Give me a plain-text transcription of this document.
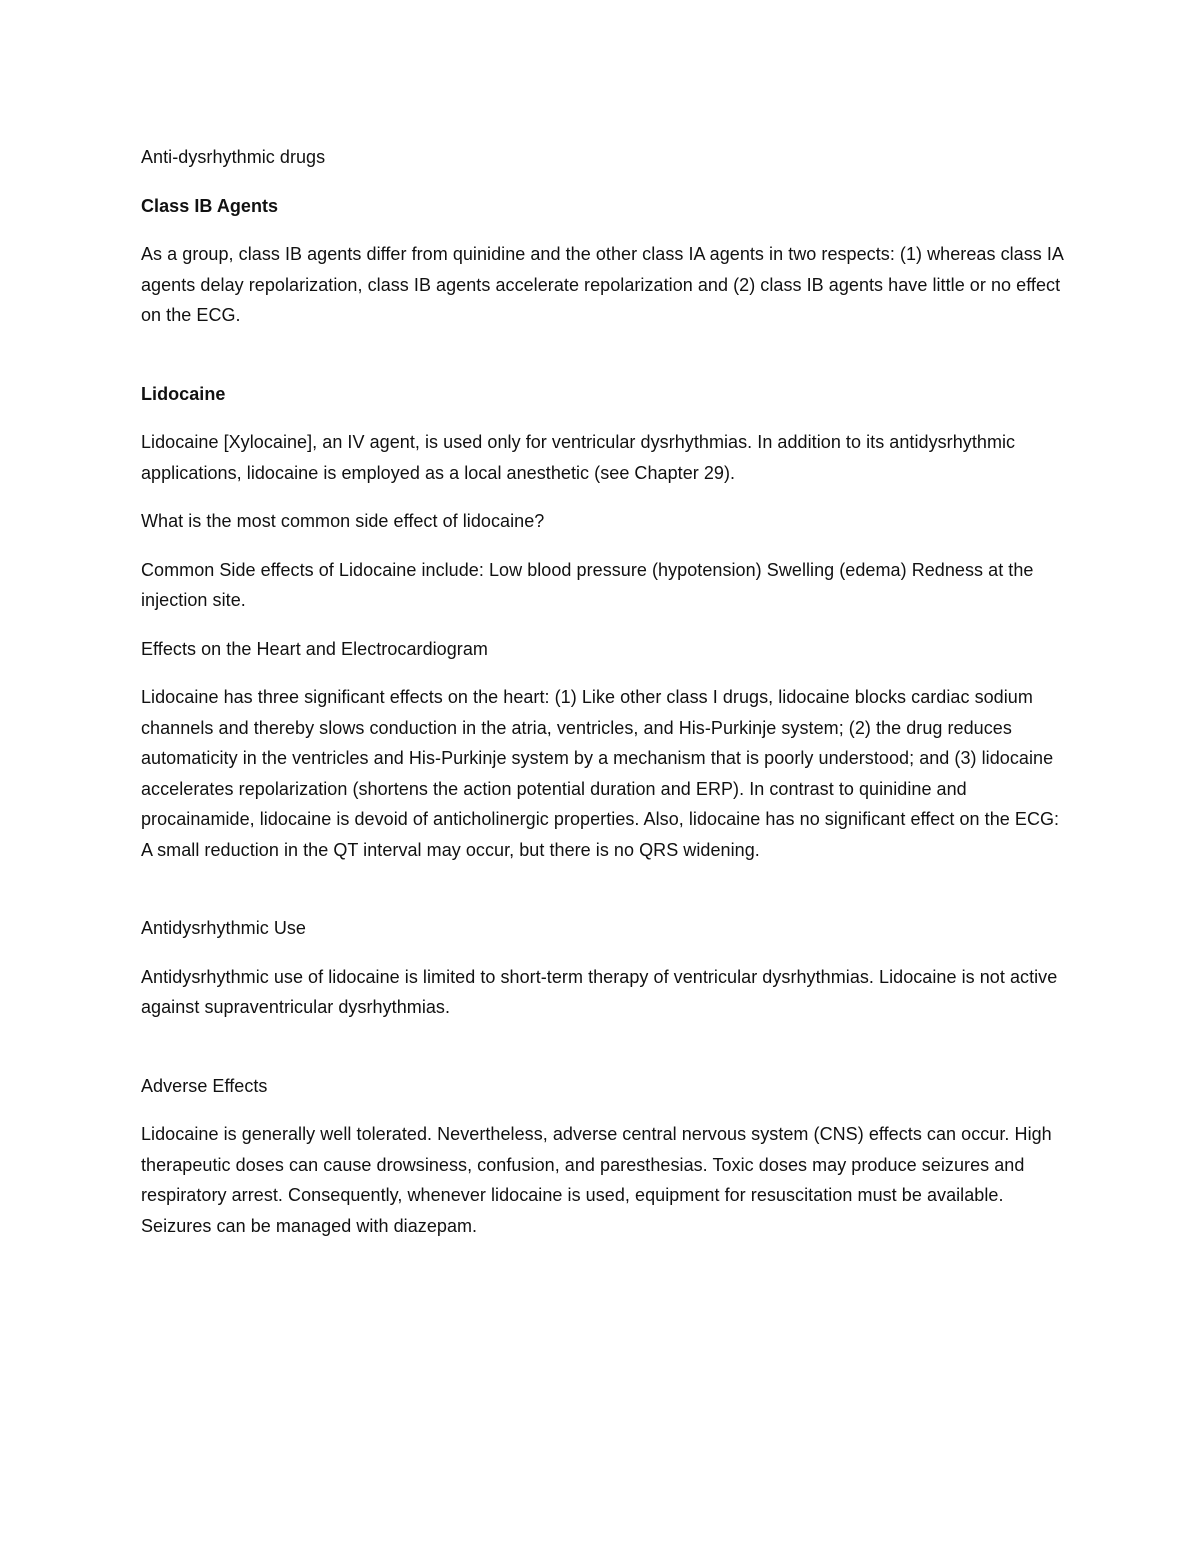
Anti-dysrhythmic drugs

Class IB Agents

As a group, class IB agents differ from quinidine and the other class IA agents in two respects: (1) whereas class IA agents delay repolarization, class IB agents accelerate repolarization and (2) class IB agents have little or no effect on the ECG.

Lidocaine

Lidocaine [Xylocaine], an IV agent, is used only for ventricular dysrhythmias. In addition to its antidysrhythmic applications, lidocaine is employed as a local anesthetic (see Chapter 29).

What is the most common side effect of lidocaine?

Common Side effects of Lidocaine include: Low blood pressure (hypotension) Swelling (edema) Redness at the injection site.

Effects on the Heart and Electrocardiogram

Lidocaine has three significant effects on the heart: (1) Like other class I drugs, lidocaine blocks cardiac sodium channels and thereby slows conduction in the atria, ventricles, and His-Purkinje system; (2) the drug reduces automaticity in the ventricles and His-Purkinje system by a mechanism that is poorly understood; and (3) lidocaine accelerates repolarization (shortens the action potential duration and ERP). In contrast to quinidine and procainamide, lidocaine is devoid of anticholinergic properties. Also, lidocaine has no significant effect on the ECG: A small reduction in the QT interval may occur, but there is no QRS widening.

Antidysrhythmic Use

Antidysrhythmic use of lidocaine is limited to short-term therapy of ventricular dysrhythmias. Lidocaine is not active against supraventricular dysrhythmias.

Adverse Effects

Lidocaine is generally well tolerated. Nevertheless, adverse central nervous system (CNS) effects can occur. High therapeutic doses can cause drowsiness, confusion, and paresthesias. Toxic doses may produce seizures and respiratory arrest. Consequently, whenever lidocaine is used, equipment for resuscitation must be available. Seizures can be managed with diazepam.
